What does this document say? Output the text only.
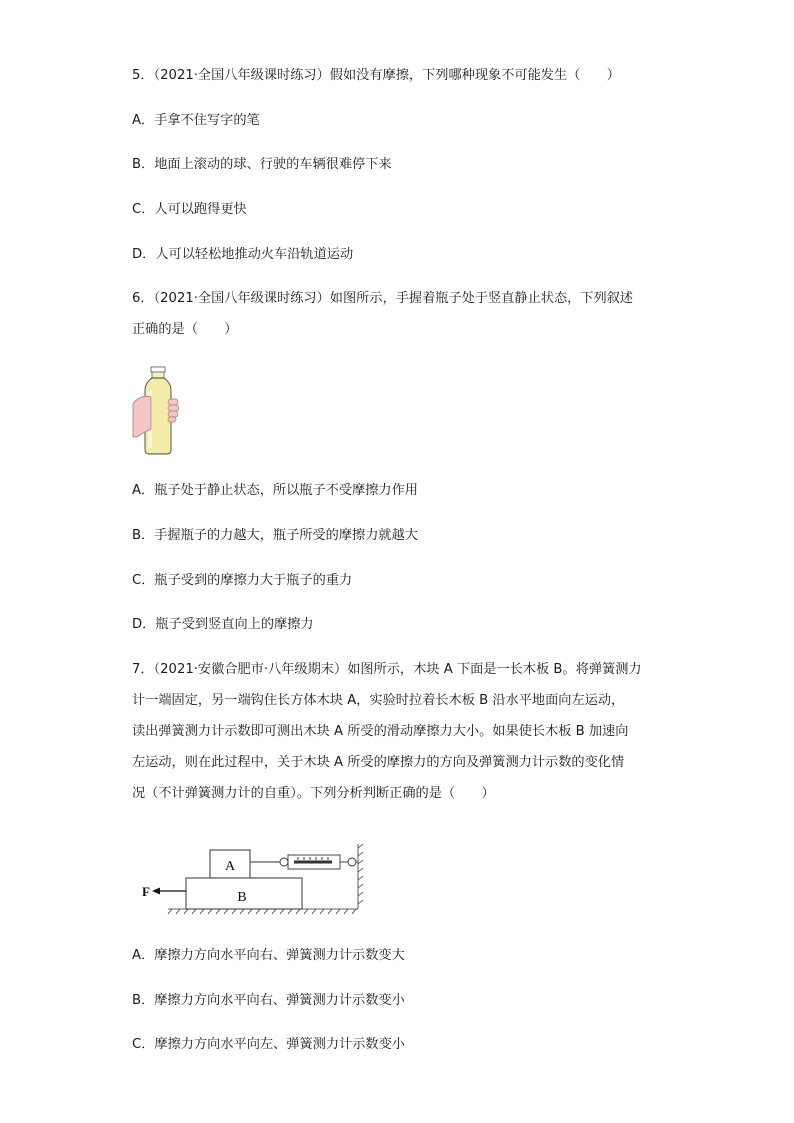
5．（2021·全国八年级课时练习）假如没有摩擦，下列哪种现象不可能发生（　　）
A．手拿不住写字的笔
B．地面上滚动的球、行驶的车辆很难停下来
C．人可以跑得更快
D．人可以轻松地推动火车沿轨道运动
6．（2021·全国八年级课时练习）如图所示，手握着瓶子处于竖直静止状态，下列叙述
正确的是（　　）
A．瓶子处于静止状态，所以瓶子不受摩擦力作用
B．手握瓶子的力越大，瓶子所受的摩擦力就越大
C．瓶子受到的摩擦力大于瓶子的重力
D．瓶子受到竖直向上的摩擦力
7．（2021·安徽合肥市·八年级期末）如图所示，木块 A 下面是一长木板 B。将弹簧测力
计一端固定，另一端钩住长方体木块 A，实验时拉着长木板 B 沿水平地面向左运动，
读出弹簧测力计示数即可测出木块 A 所受的滑动摩擦力大小。如果使长木板 B 加速向
左运动，则在此过程中，关于木块 A 所受的摩擦力的方向及弹簧测力计示数的变化情
况（不计弹簧测力计的自重）。下列分析判断正确的是（　　）
B
A
F
A．摩擦力方向水平向右、弹簧测力计示数变大
B．摩擦力方向水平向右、弹簧测力计示数变小
C．摩擦力方向水平向左、弹簧测力计示数变小
